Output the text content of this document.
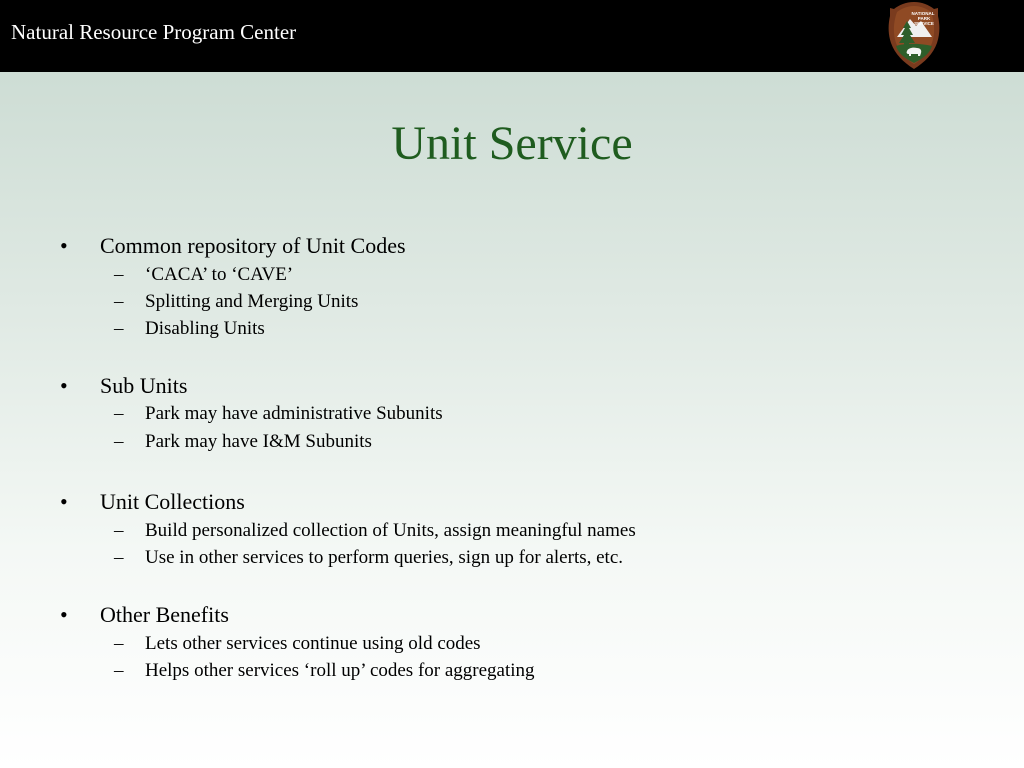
Natural Resource Program Center
NATIONAL
PARK
SERVICE
Unit Service
• Common repository of Unit Codes
– ‘CACA’ to ‘CAVE’
– Splitting and Merging Units
– Disabling Units
• Sub Units
– Park may have administrative Subunits
– Park may have I&M Subunits
• Unit Collections
– Build personalized collection of Units, assign meaningful names
– Use in other services to perform queries, sign up for alerts, etc.
• Other Benefits
– Lets other services continue using old codes
– Helps other services ‘roll up’ codes for aggregating
